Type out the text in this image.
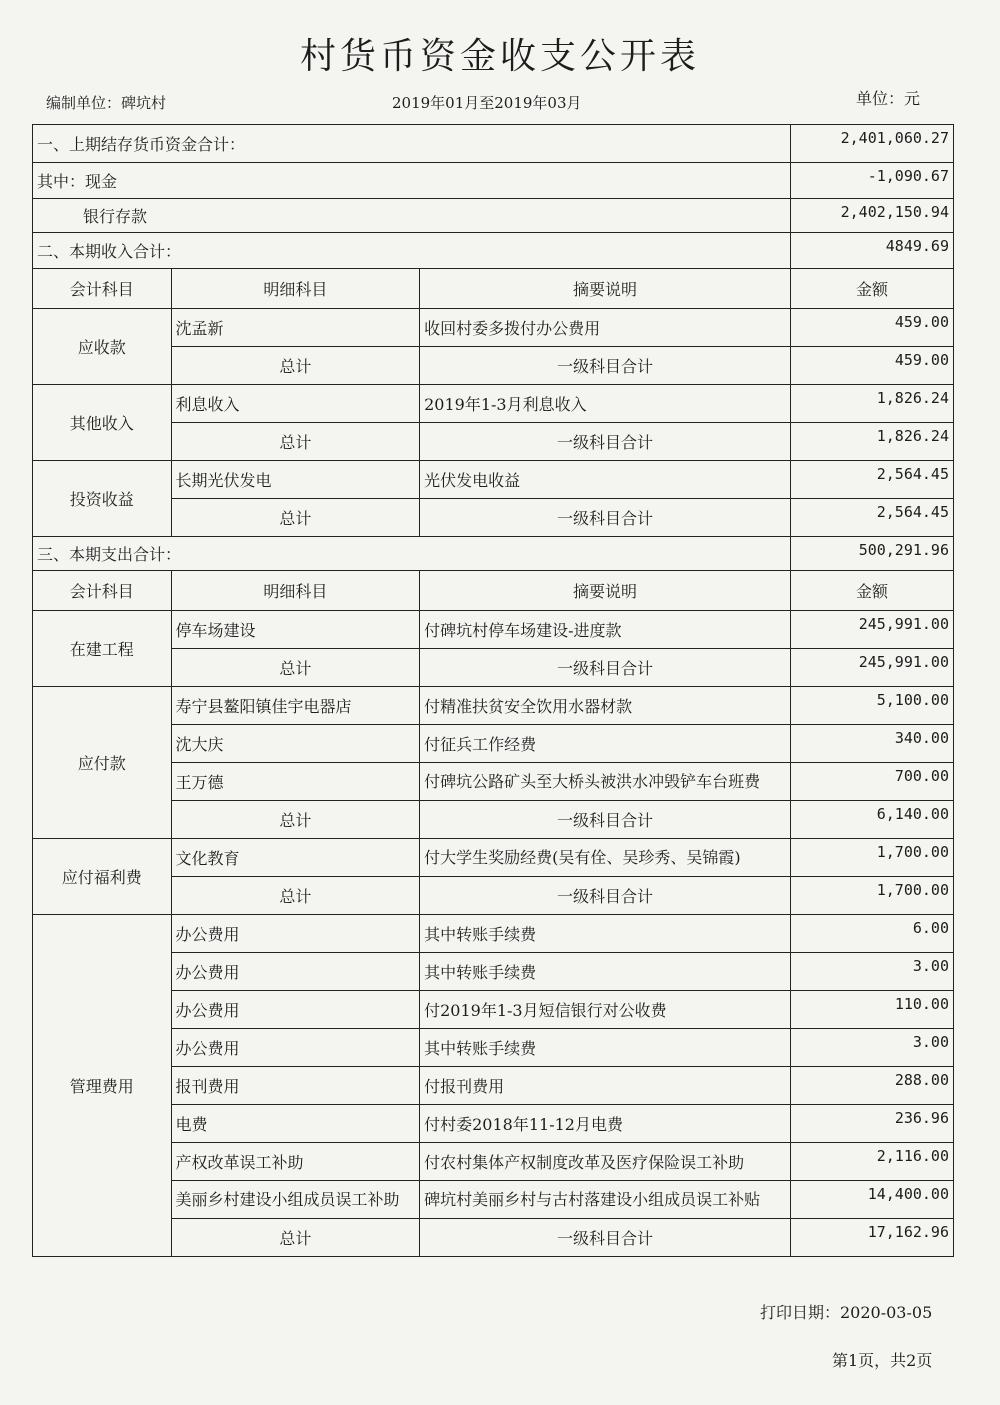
村货币资金收支公开表
编制单位：碑坑村	2019年01月至2019年03月	单位：元
一、上期结存货币资金合计：			2,401,060.27
其中：现金			-1,090.67
银行存款			2,402,150.94
二、本期收入合计：			4849.69
会计科目	明细科目	摘要说明	金额
应收款	沈孟新	收回村委多拨付办公费用	459.00
	总计	一级科目合计	459.00
其他收入	利息收入	2019年1-3月利息收入	1,826.24
	总计	一级科目合计	1,826.24
投资收益	长期光伏发电	光伏发电收益	2,564.45
	总计	一级科目合计	2,564.45
三、本期支出合计：			500,291.96
会计科目	明细科目	摘要说明	金额
在建工程	停车场建设	付碑坑村停车场建设-进度款	245,991.00
	总计	一级科目合计	245,991.00
应付款	寿宁县鳌阳镇佳宇电器店	付精准扶贫安全饮用水器材款	5,100.00
	沈大庆	付征兵工作经费	340.00
	王万德	付碑坑公路矿头至大桥头被洪水冲毁铲车台班费	700.00
	总计	一级科目合计	6,140.00
应付福利费	文化教育	付大学生奖励经费(吴有佺、吴珍秀、吴锦霞)	1,700.00
	总计	一级科目合计	1,700.00
管理费用	办公费用	其中转账手续费	6.00
	办公费用	其中转账手续费	3.00
	办公费用	付2019年1-3月短信银行对公收费	110.00
	办公费用	其中转账手续费	3.00
	报刊费用	付报刊费用	288.00
	电费	付村委2018年11-12月电费	236.96
	产权改革误工补助	付农村集体产权制度改革及医疗保险误工补助	2,116.00
	美丽乡村建设小组成员误工补助	碑坑村美丽乡村与古村落建设小组成员误工补贴	14,400.00
	总计	一级科目合计	17,162.96
打印日期：2020-03-05
第1页，共2页
